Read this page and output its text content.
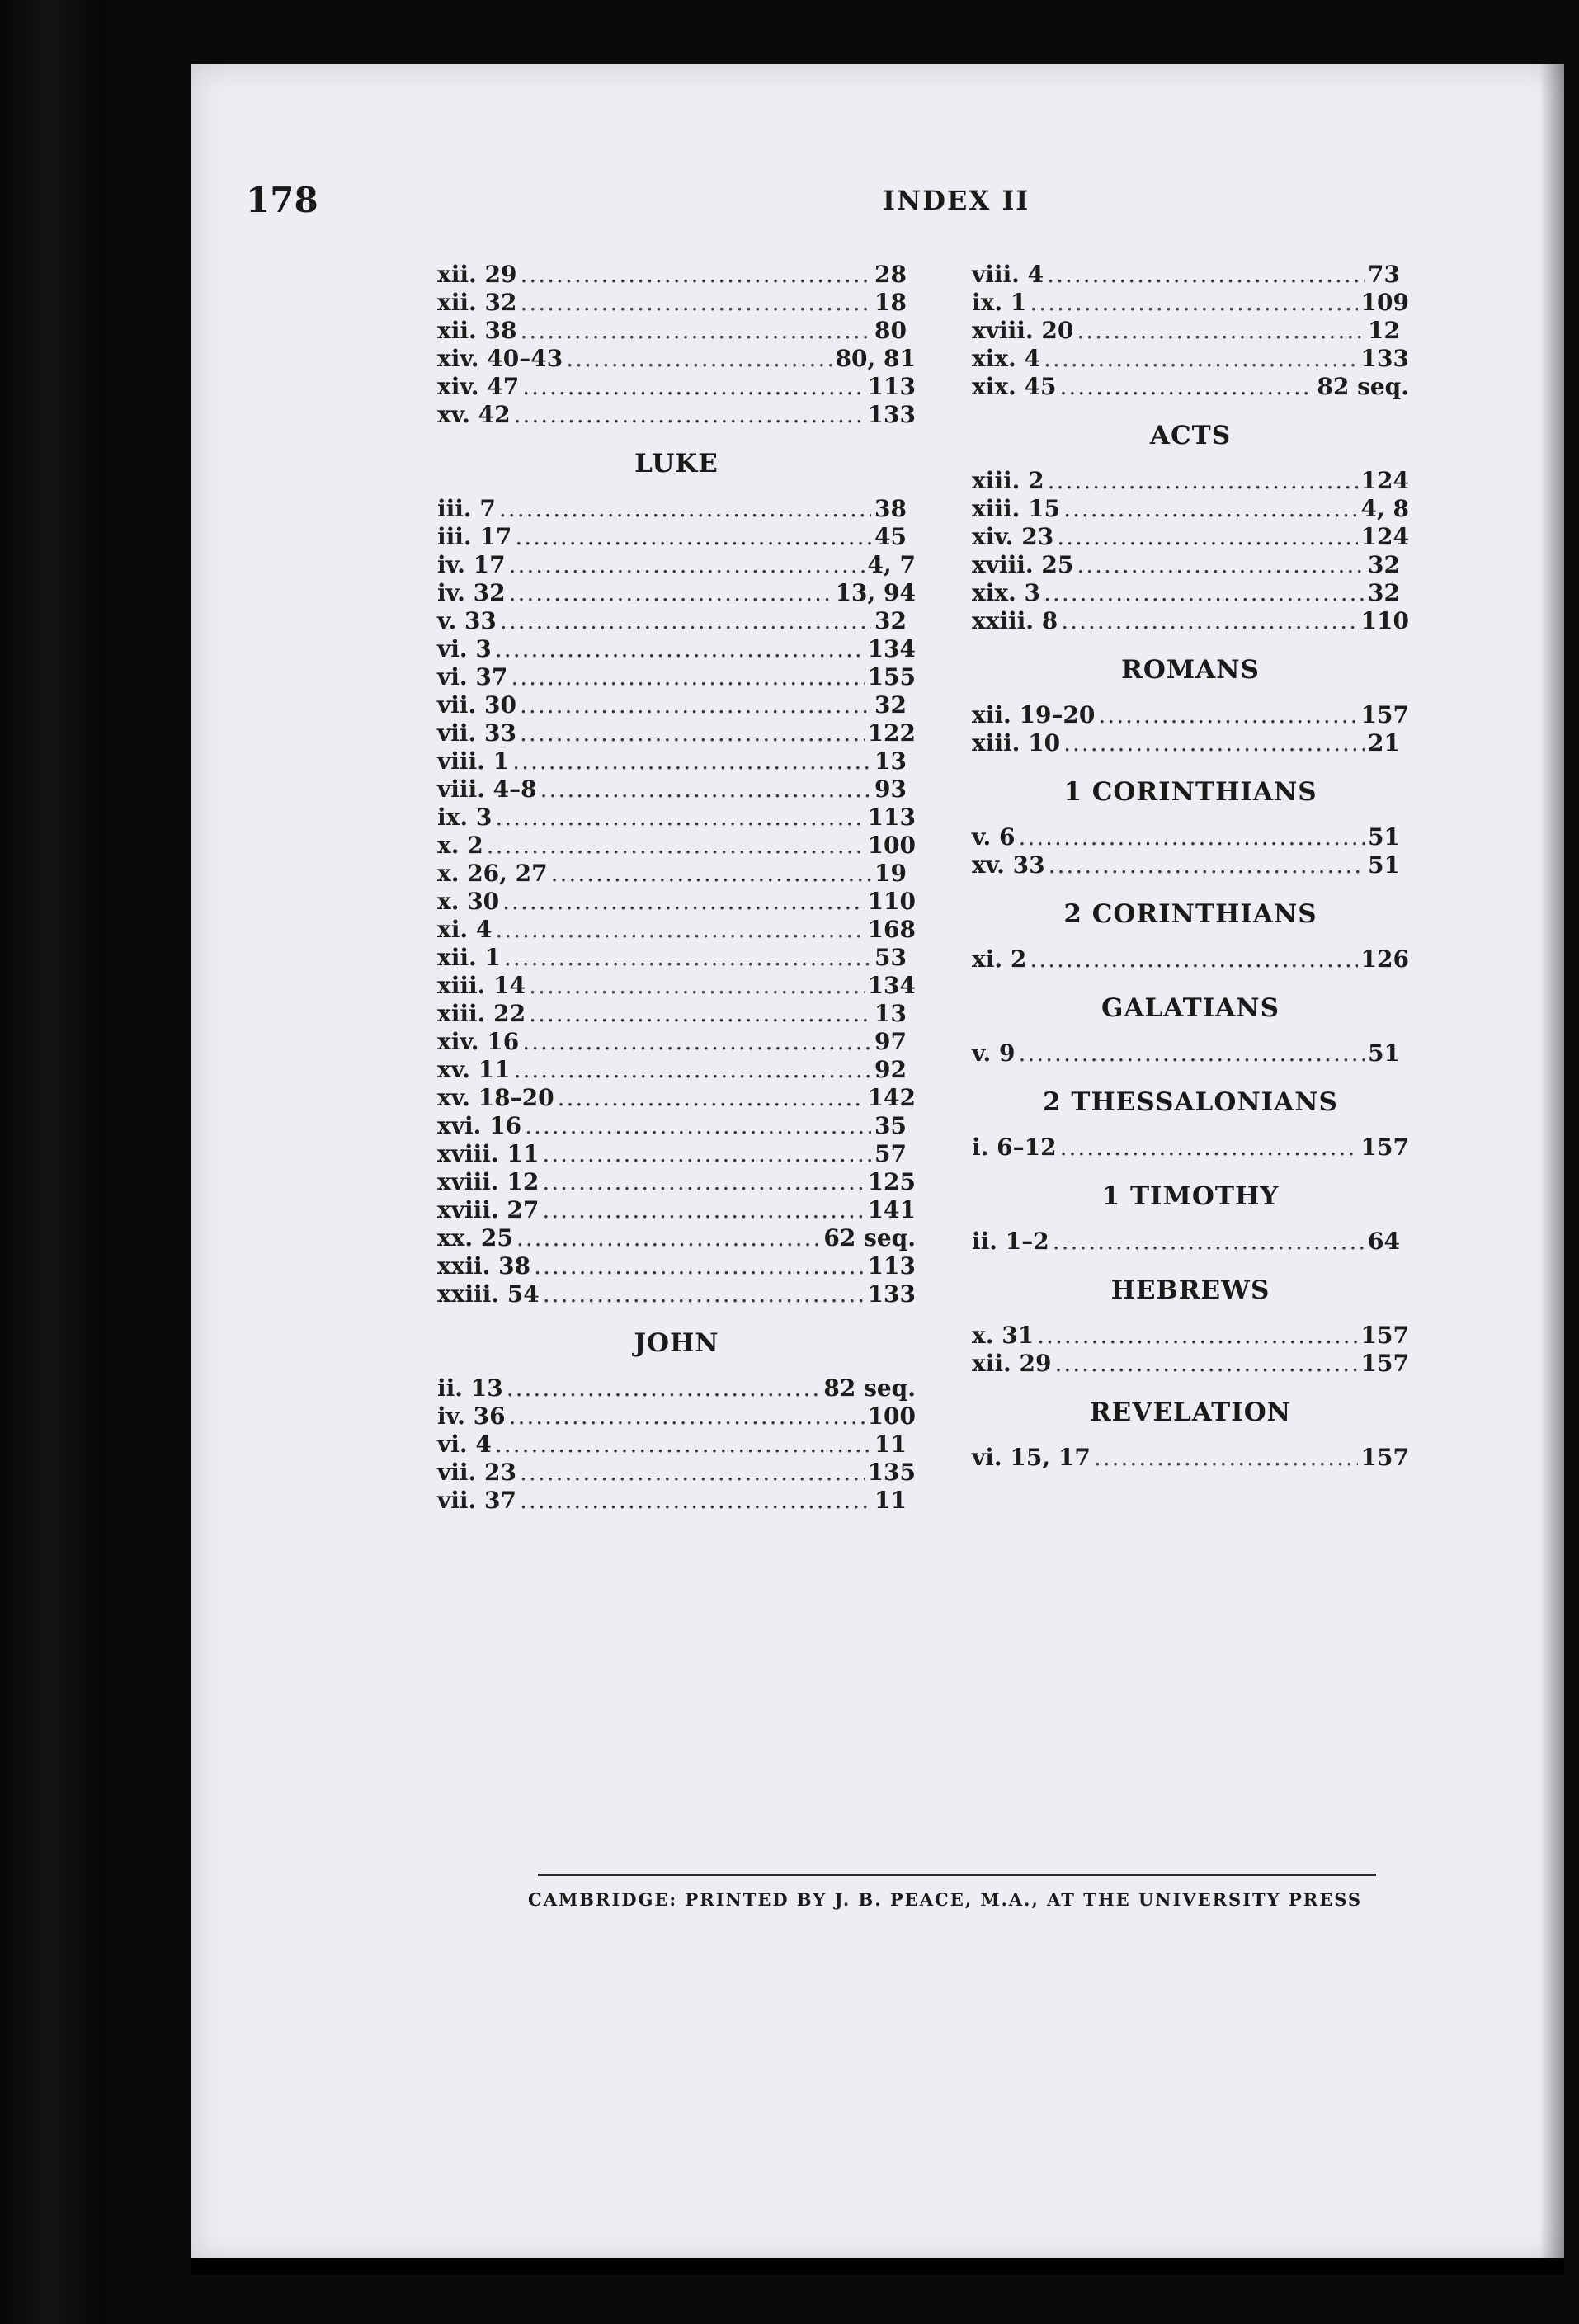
178	INDEX II
xii. 29 .....	28
xii. 32 .....	18
xii. 38 .....	80
xiv. 40–43 .....	80, 81
xiv. 47 .....	113
xv. 42 .....	133
LUKE
iii. 7 .....	38
iii. 17 .....	45
iv. 17 .....	4, 7
iv. 32 .....	13, 94
v. 33 .....	32
vi. 3 .....	134
vi. 37 .....	155
vii. 30 .....	32
vii. 33 .....	122
viii. 1 .....	13
viii. 4–8 .....	93
ix. 3 .....	113
x. 2 .....	100
x. 26, 27 .....	19
x. 30 .....	110
xi. 4 .....	168
xii. 1 .....	53
xiii. 14 .....	134
xiii. 22 .....	13
xiv. 16 .....	97
xv. 11 .....	92
xv. 18–20 .....	142
xvi. 16 .....	35
xviii. 11 .....	57
xviii. 12 .....	125
xviii. 27 .....	141
xx. 25 .....	62 seq.
xxii. 38 .....	113
xxiii. 54 .....	133
JOHN
ii. 13 .....	82 seq.
iv. 36 .....	100
vi. 4 .....	11
vii. 23 .....	135
vii. 37 .....	11
viii. 4 .....	73
ix. 1 .....	109
xviii. 20 .....	12
xix. 4 .....	133
xix. 45 .....	82 seq.
ACTS
xiii. 2 .....	124
xiii. 15 .....	4, 8
xiv. 23 .....	124
xviii. 25 .....	32
xix. 3 .....	32
xxiii. 8 .....	110
ROMANS
xii. 19–20 .....	157
xiii. 10 .....	21
1 CORINTHIANS
v. 6 .....	51
xv. 33 .....	51
2 CORINTHIANS
xi. 2 .....	126
GALATIANS
v. 9 .....	51
2 THESSALONIANS
i. 6–12 .....	157
1 TIMOTHY
ii. 1–2 .....	64
HEBREWS
x. 31 .....	157
xii. 29 .....	157
REVELATION
vi. 15, 17 .....	157
CAMBRIDGE: PRINTED BY J. B. PEACE, M.A., AT THE UNIVERSITY PRESS
